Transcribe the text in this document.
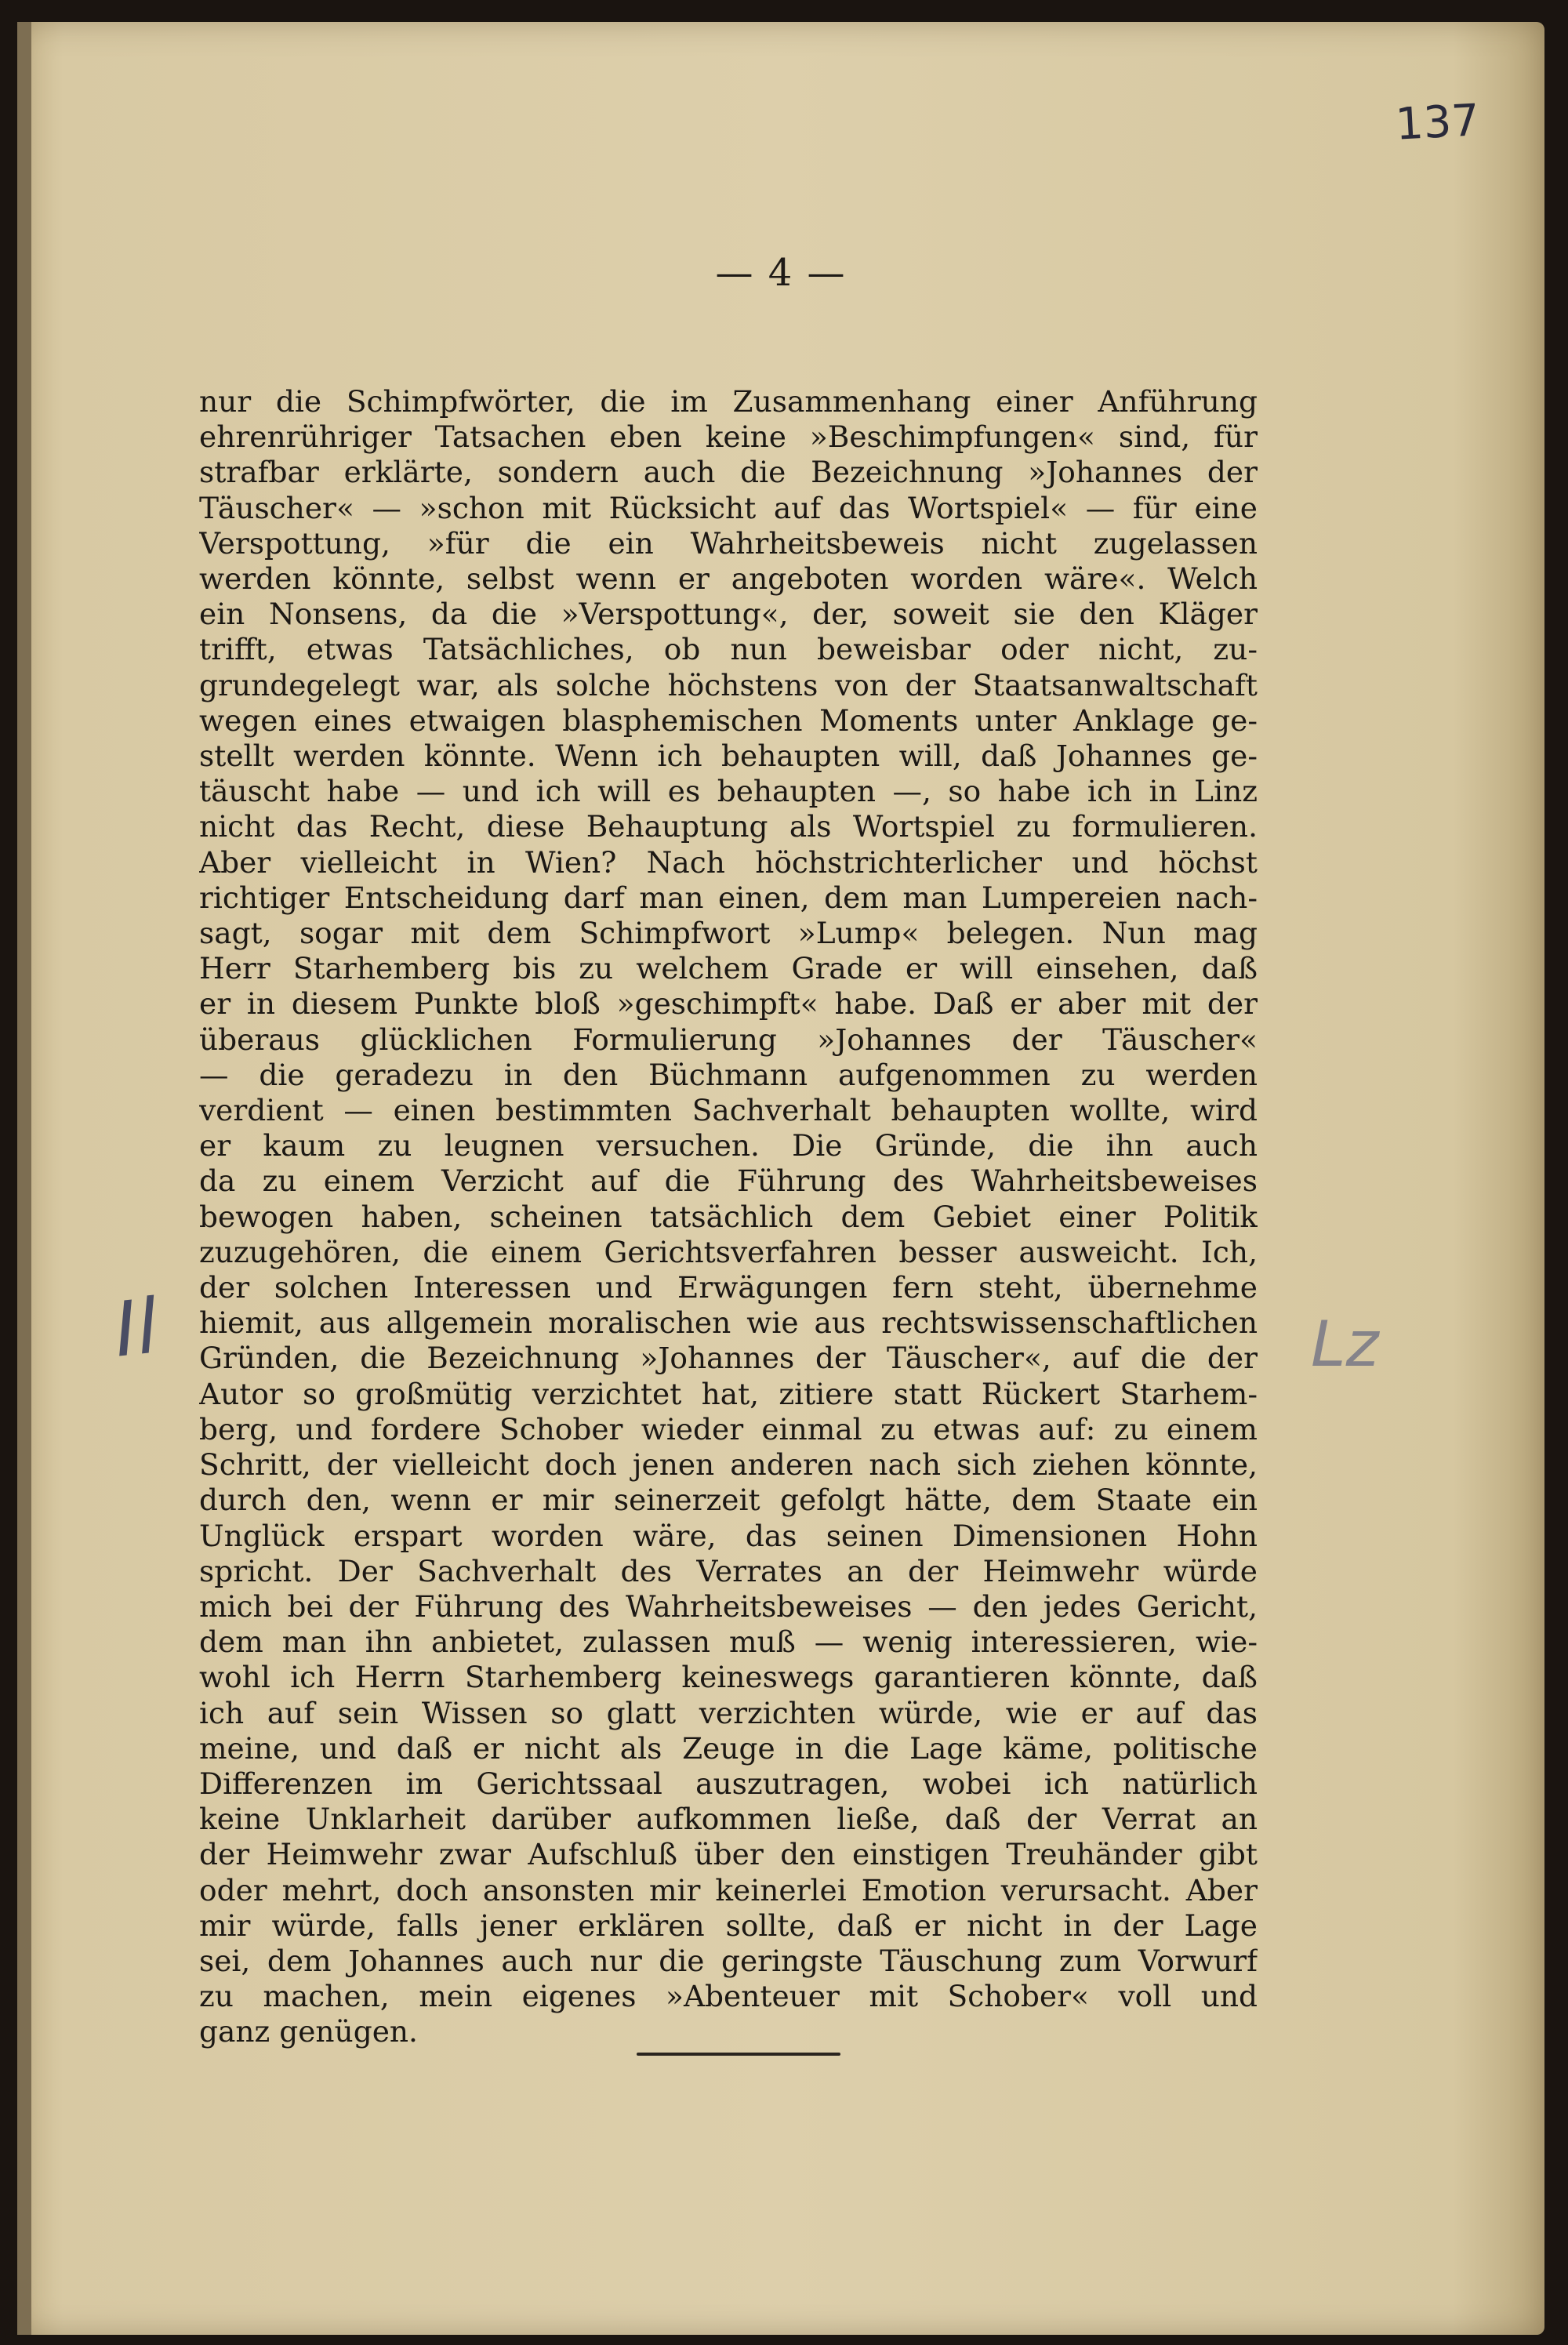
137
— 4 —
nur die Schimpfwörter, die im Zusammenhang einer Anführung
ehrenrühriger Tatsachen eben keine »Beschimpfungen« sind, für
strafbar erklärte, sondern auch die Bezeichnung »Johannes der
Täuscher« — »schon mit Rücksicht auf das Wortspiel« — für eine
Verspottung, »für die ein Wahrheitsbeweis nicht zugelassen
werden könnte, selbst wenn er angeboten worden wäre«. Welch
ein Nonsens, da die »Verspottung«, der, soweit sie den Kläger
trifft, etwas Tatsächliches, ob nun beweisbar oder nicht, zu-
grundegelegt war, als solche höchstens von der Staatsanwaltschaft
wegen eines etwaigen blasphemischen Moments unter Anklage ge-
stellt werden könnte. Wenn ich behaupten will, daß Johannes ge-
täuscht habe — und ich will es behaupten —, so habe ich in Linz
nicht das Recht, diese Behauptung als Wortspiel zu formulieren.
Aber vielleicht in Wien? Nach höchstrichterlicher und höchst
richtiger Entscheidung darf man einen, dem man Lumpereien nach-
sagt, sogar mit dem Schimpfwort »Lump« belegen. Nun mag
Herr Starhemberg bis zu welchem Grade er will einsehen, daß
er in diesem Punkte bloß »geschimpft« habe. Daß er aber mit der
überaus glücklichen Formulierung »Johannes der Täuscher«
— die geradezu in den Büchmann aufgenommen zu werden
verdient — einen bestimmten Sachverhalt behaupten wollte, wird
er kaum zu leugnen versuchen. Die Gründe, die ihn auch
da zu einem Verzicht auf die Führung des Wahrheitsbeweises
bewogen haben, scheinen tatsächlich dem Gebiet einer Politik
zuzugehören, die einem Gerichtsverfahren besser ausweicht. Ich,
der solchen Interessen und Erwägungen fern steht, übernehme
hiemit, aus allgemein moralischen wie aus rechtswissenschaftlichen
Gründen, die Bezeichnung »Johannes der Täuscher«, auf die der
Autor so großmütig verzichtet hat, zitiere statt Rückert Starhem-
berg, und fordere Schober wieder einmal zu etwas auf: zu einem
Schritt, der vielleicht doch jenen anderen nach sich ziehen könnte,
durch den, wenn er mir seinerzeit gefolgt hätte, dem Staate ein
Unglück erspart worden wäre, das seinen Dimensionen Hohn
spricht. Der Sachverhalt des Verrates an der Heimwehr würde
mich bei der Führung des Wahrheitsbeweises — den jedes Gericht,
dem man ihn anbietet, zulassen muß — wenig interessieren, wie-
wohl ich Herrn Starhemberg keineswegs garantieren könnte, daß
ich auf sein Wissen so glatt verzichten würde, wie er auf das
meine, und daß er nicht als Zeuge in die Lage käme, politische
Differenzen im Gerichtssaal auszutragen, wobei ich natürlich
keine Unklarheit darüber aufkommen ließe, daß der Verrat an
der Heimwehr zwar Aufschluß über den einstigen Treuhänder gibt
oder mehrt, doch ansonsten mir keinerlei Emotion verursacht. Aber
mir würde, falls jener erklären sollte, daß er nicht in der Lage
sei, dem Johannes auch nur die geringste Täuschung zum Vorwurf
zu machen, mein eigenes »Abenteuer mit Schober« voll und
ganz genügen.
Il	Lz
